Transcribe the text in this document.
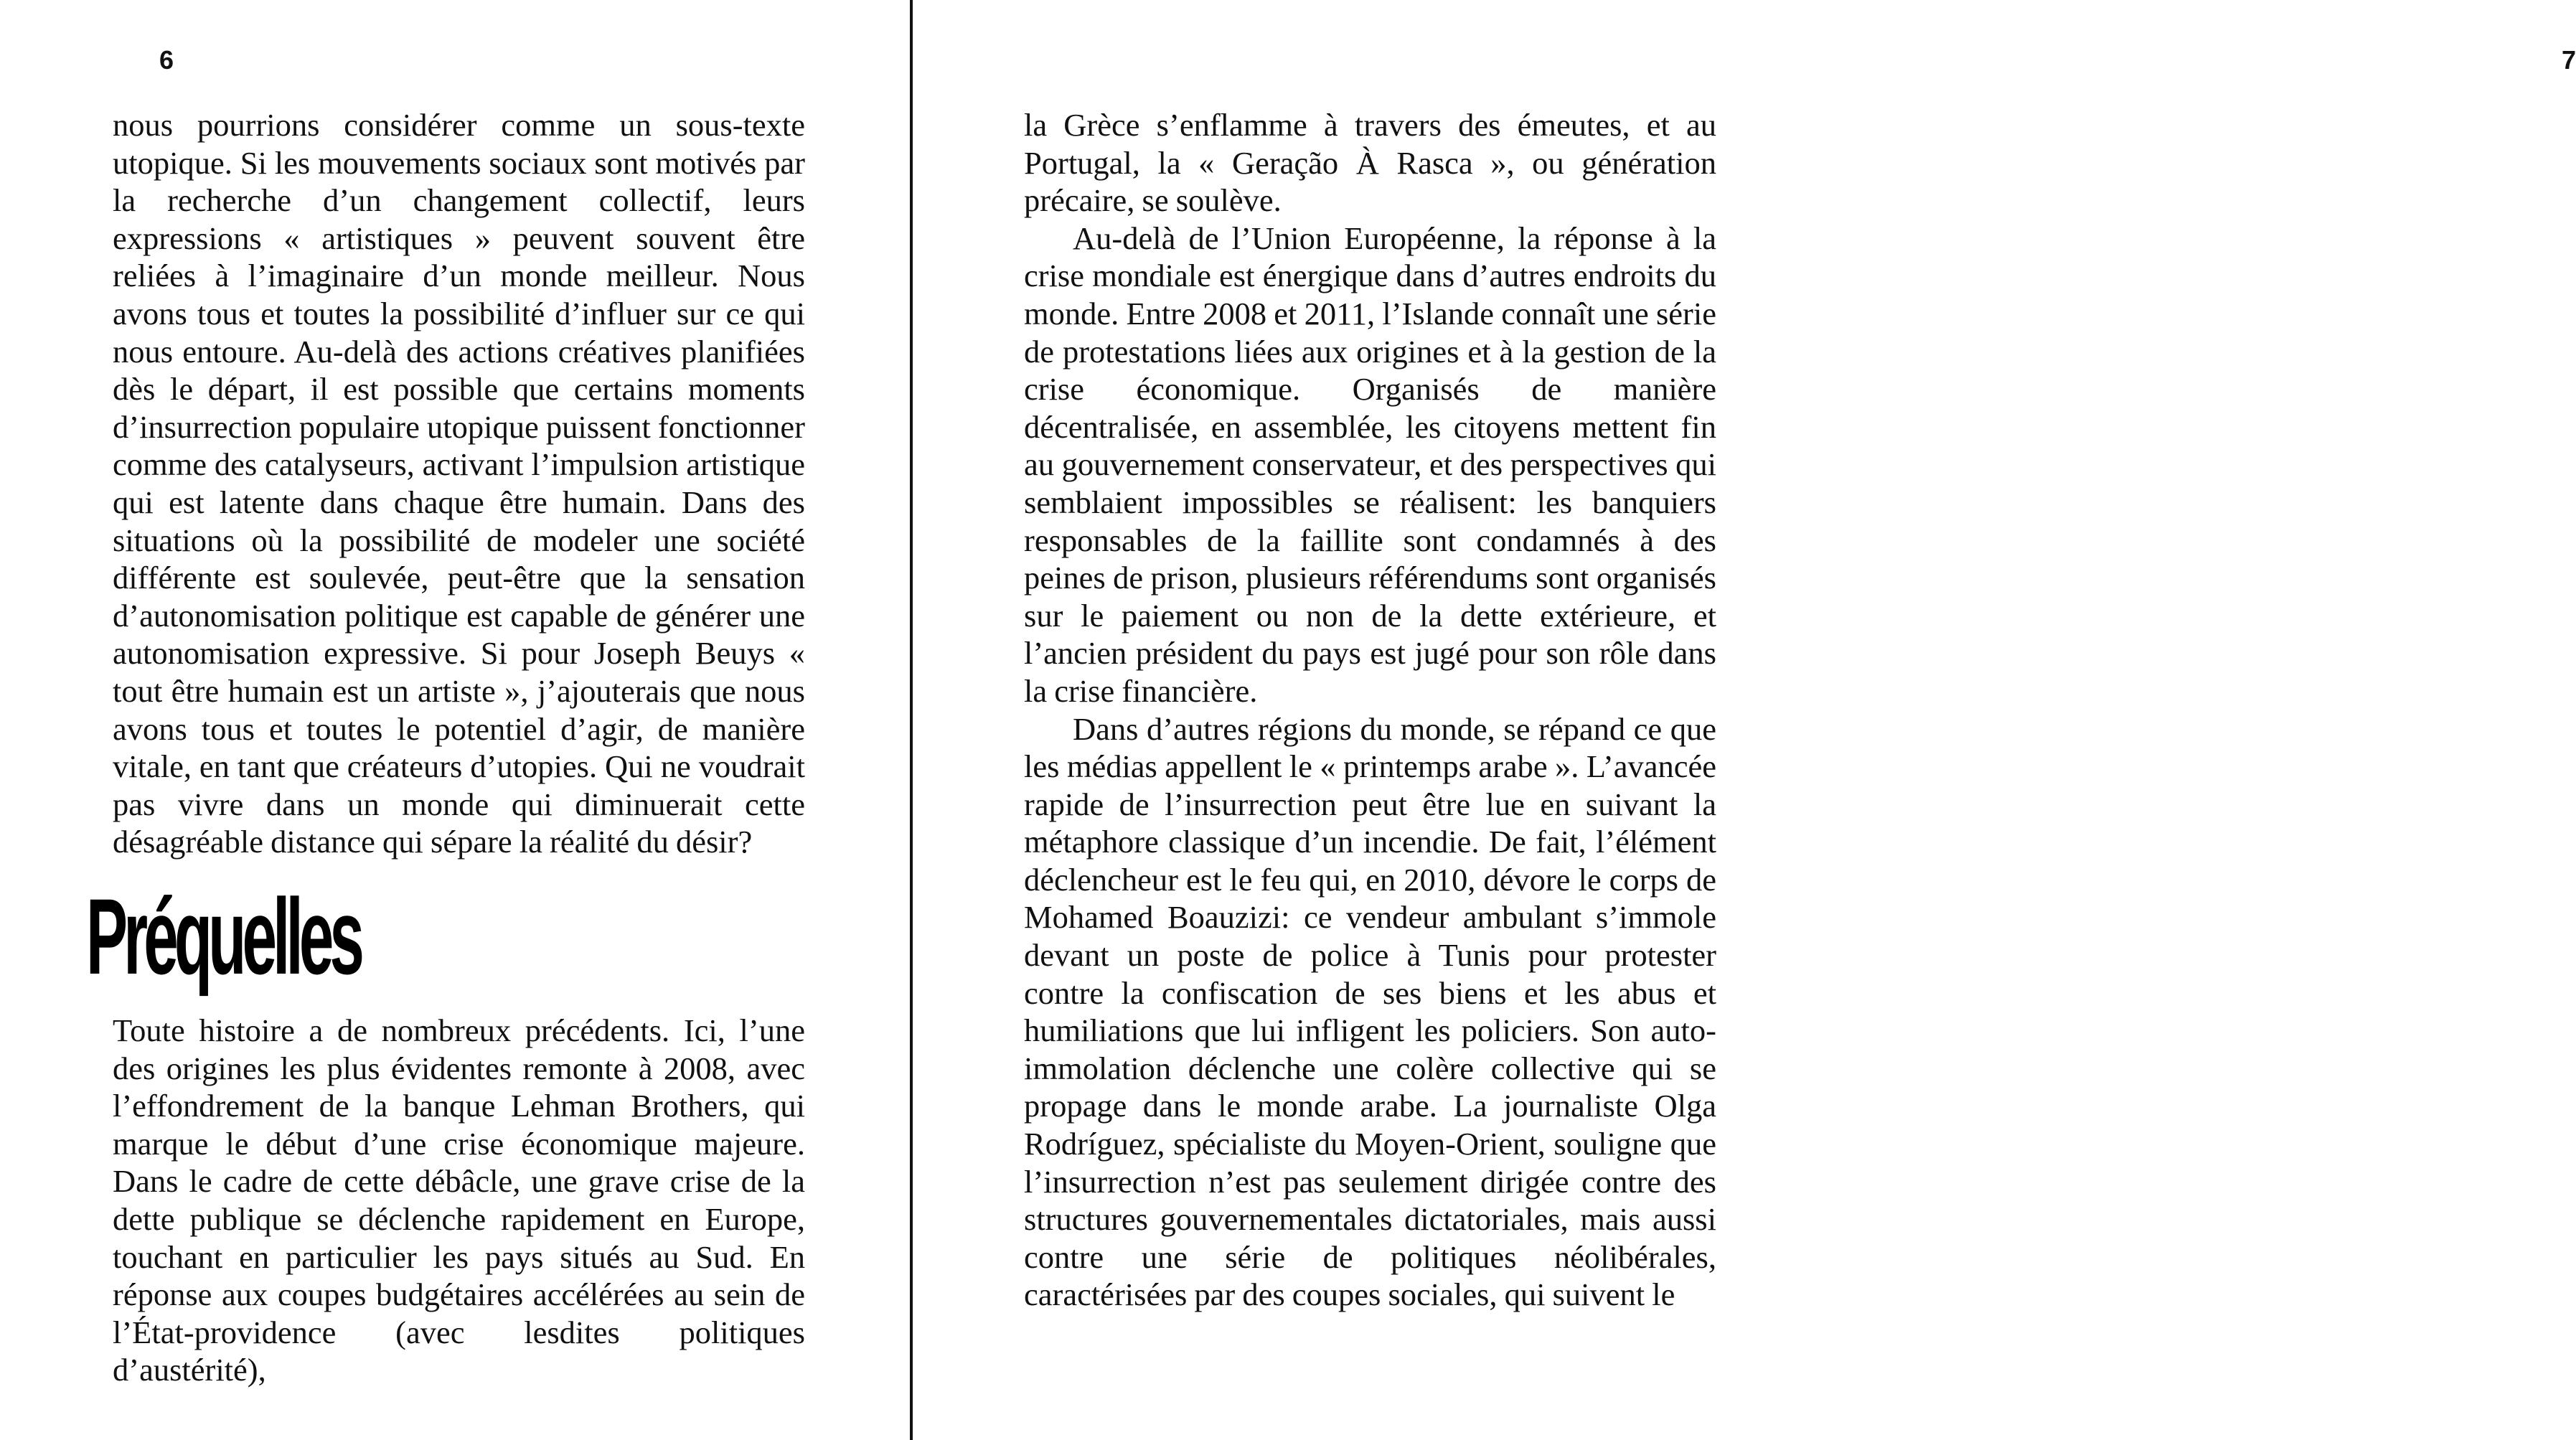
6

nous pourrions considérer comme un sous-texte utopique. Si les mouvements sociaux sont motivés par la recherche d’un changement collectif, leurs expressions « artistiques » peuvent souvent être reliées à l’imaginaire d’un monde meilleur. Nous avons tous et toutes la possibilité d’influer sur ce qui nous entoure. Au-delà des actions créatives planifiées dès le départ, il est possible que certains moments d’insurrection populaire utopique puissent fonctionner comme des catalyseurs, activant l’impulsion artistique qui est latente dans chaque être humain. Dans des situations où la possibilité de modeler une société différente est soulevée, peut-être que la sensation d’autonomisation politique est capable de générer une autonomisation expressive. Si pour Joseph Beuys « tout être humain est un artiste », j’ajouterais que nous avons tous et toutes le potentiel d’agir, de manière vitale, en tant que créateurs d’utopies. Qui ne voudrait pas vivre dans un monde qui diminuerait cette désagréable distance qui sépare la réalité du désir?

Préquelles

Toute histoire a de nombreux précédents. Ici, l’une des origines les plus évidentes remonte à 2008, avec l’effondrement de la banque Lehman Brothers, qui marque le début d’une crise économique majeure. Dans le cadre de cette débâcle, une grave crise de la dette publique se déclenche rapidement en Europe, touchant en particulier les pays situés au Sud. En réponse aux coupes budgétaires accélérées au sein de l’État-providence (avec lesdites politiques d’austérité),

7

la Grèce s’enflamme à travers des émeutes, et au Portugal, la « Geração À Rasca », ou génération précaire, se soulève.

Au-delà de l’Union Européenne, la réponse à la crise mondiale est énergique dans d’autres endroits du monde. Entre 2008 et 2011, l’Islande connaît une série de protestations liées aux origines et à la gestion de la crise économique. Organisés de manière décentralisée, en assemblée, les citoyens mettent fin au gouvernement conservateur, et des perspectives qui semblaient impossibles se réalisent: les banquiers responsables de la faillite sont condamnés à des peines de prison, plusieurs référendums sont organisés sur le paiement ou non de la dette extérieure, et l’ancien président du pays est jugé pour son rôle dans la crise financière.

Dans d’autres régions du monde, se répand ce que les médias appellent le « printemps arabe ». L’avancée rapide de l’insurrection peut être lue en suivant la métaphore classique d’un incendie. De fait, l’élément déclencheur est le feu qui, en 2010, dévore le corps de Mohamed Boauzizi: ce vendeur ambulant s’immole devant un poste de police à Tunis pour protester contre la confiscation de ses biens et les abus et humiliations que lui infligent les policiers. Son auto-immolation déclenche une colère collective qui se propage dans le monde arabe. La journaliste Olga Rodríguez, spécialiste du Moyen-Orient, souligne que l’insurrection n’est pas seulement dirigée contre des structures gouvernementales dictatoriales, mais aussi contre une série de politiques néolibérales, caractérisées par des coupes sociales, qui suivent le
